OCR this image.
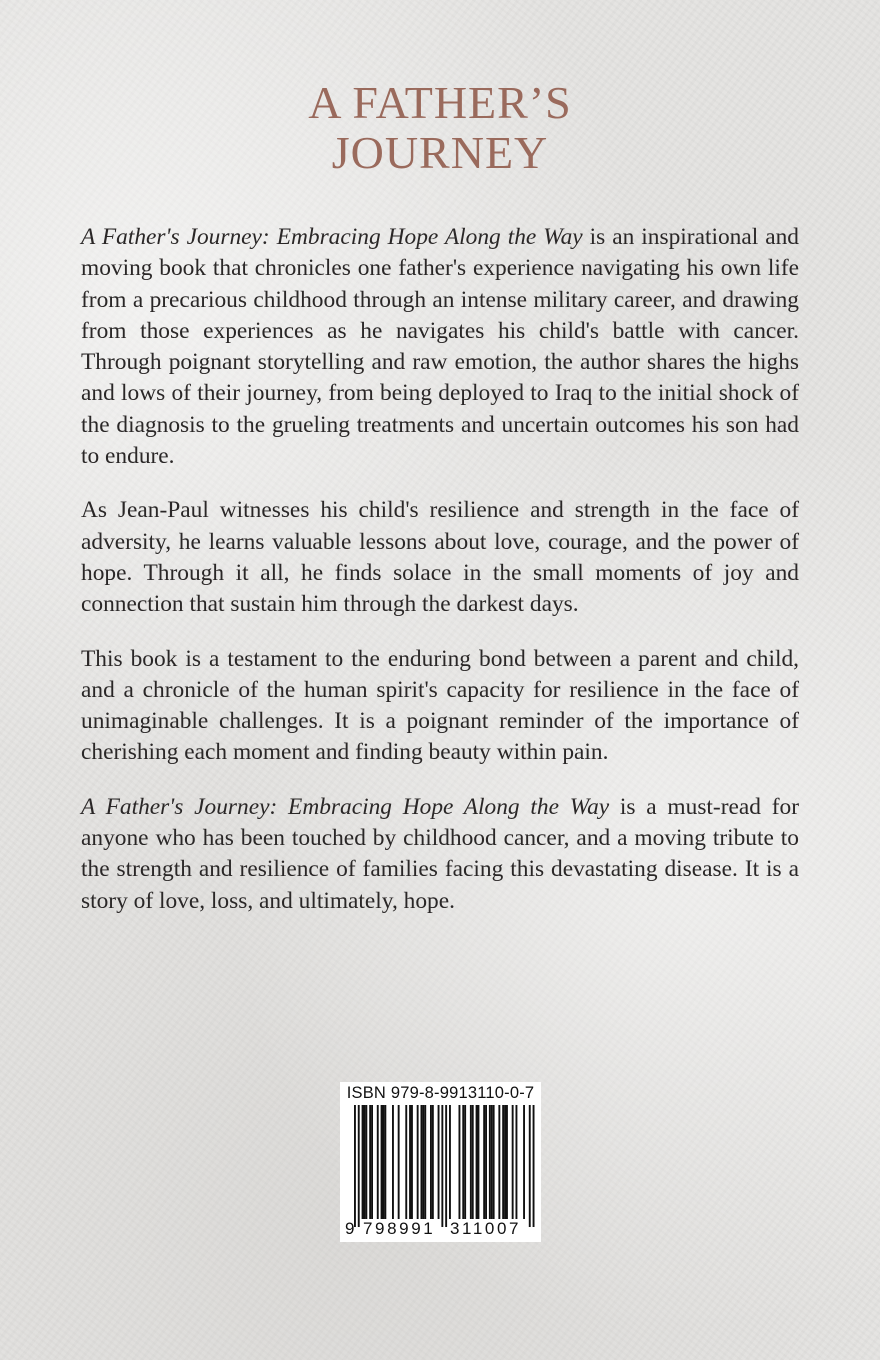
A FATHER’S
JOURNEY

A Father's Journey: Embracing Hope Along the Way is an inspirational and moving book that chronicles one father's experience navigating his own life from a precarious childhood through an intense military career, and drawing from those experiences as he navigates his child's battle with cancer. Through poignant storytelling and raw emotion, the author shares the highs and lows of their journey, from being deployed to Iraq to the initial shock of the diagnosis to the grueling treatments and uncertain outcomes his son had to endure.

As Jean-Paul witnesses his child's resilience and strength in the face of adversity, he learns valuable lessons about love, courage, and the power of hope. Through it all, he finds solace in the small moments of joy and connection that sustain him through the darkest days.

This book is a testament to the enduring bond between a parent and child, and a chronicle of the human spirit's capacity for resilience in the face of unimaginable challenges. It is a poignant reminder of the importance of cherishing each moment and finding beauty within pain.

A Father's Journey: Embracing Hope Along the Way is a must-read for anyone who has been touched by childhood cancer, and a moving tribute to the strength and resilience of families facing this devastating disease. It is a story of love, loss, and ultimately, hope.

ISBN 979-8-9913110-0-7
9 798991 311007
